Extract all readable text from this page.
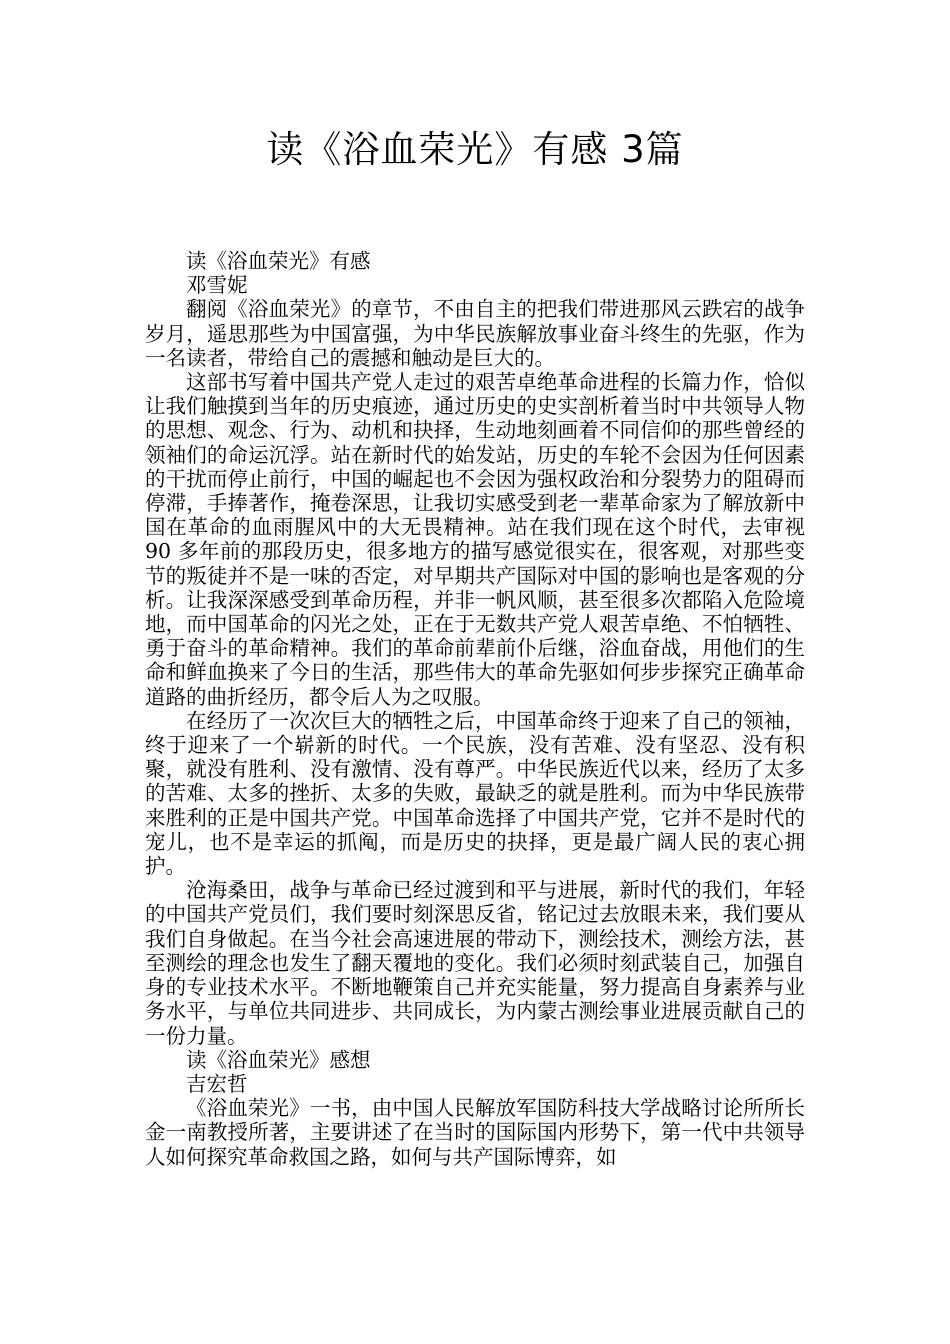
读《浴血荣光》有感 3篇

读《浴血荣光》有感

邓雪妮

翻阅《浴血荣光》的章节，不由自主的把我们带进那风云跌宕的战争岁月，遥思那些为中国富强，为中华民族解放事业奋斗终生的先驱，作为一名读者，带给自己的震撼和触动是巨大的。

这部书写着中国共产党人走过的艰苦卓绝革命进程的长篇力作，恰似让我们触摸到当年的历史痕迹，通过历史的史实剖析着当时中共领导人物的思想、观念、行为、动机和抉择，生动地刻画着不同信仰的那些曾经的领袖们的命运沉浮。站在新时代的始发站，历史的车轮不会因为任何因素的干扰而停止前行，中国的崛起也不会因为强权政治和分裂势力的阻碍而停滞，手捧著作，掩卷深思，让我切实感受到老一辈革命家为了解放新中国在革命的血雨腥风中的大无畏精神。站在我们现在这个时代，去审视 90 多年前的那段历史，很多地方的描写感觉很实在，很客观，对那些变节的叛徒并不是一味的否定，对早期共产国际对中国的影响也是客观的分析。让我深深感受到革命历程，并非一帆风顺，甚至很多次都陷入危险境地，而中国革命的闪光之处，正在于无数共产党人艰苦卓绝、不怕牺牲、勇于奋斗的革命精神。我们的革命前辈前仆后继，浴血奋战，用他们的生命和鲜血换来了今日的生活，那些伟大的革命先驱如何步步探究正确革命道路的曲折经历，都令后人为之叹服。

在经历了一次次巨大的牺牲之后，中国革命终于迎来了自己的领袖，终于迎来了一个崭新的时代。一个民族，没有苦难、没有坚忍、没有积聚，就没有胜利、没有激情、没有尊严。中华民族近代以来，经历了太多的苦难、太多的挫折、太多的失败，最缺乏的就是胜利。而为中华民族带来胜利的正是中国共产党。中国革命选择了中国共产党，它并不是时代的宠儿，也不是幸运的抓阄，而是历史的抉择，更是最广阔人民的衷心拥护。

沧海桑田，战争与革命已经过渡到和平与进展，新时代的我们，年轻的中国共产党员们，我们要时刻深思反省，铭记过去放眼未来，我们要从我们自身做起。在当今社会高速进展的带动下，测绘技术，测绘方法，甚至测绘的理念也发生了翻天覆地的变化。我们必须时刻武装自己，加强自身的专业技术水平。不断地鞭策自己并充实能量，努力提高自身素养与业务水平，与单位共同进步、共同成长，为内蒙古测绘事业进展贡献自己的一份力量。

读《浴血荣光》感想

吉宏哲

《浴血荣光》一书，由中国人民解放军国防科技大学战略讨论所所长金一南教授所著，主要讲述了在当时的国际国内形势下，第一代中共领导人如何探究革命救国之路，如何与共产国际博弈，如
